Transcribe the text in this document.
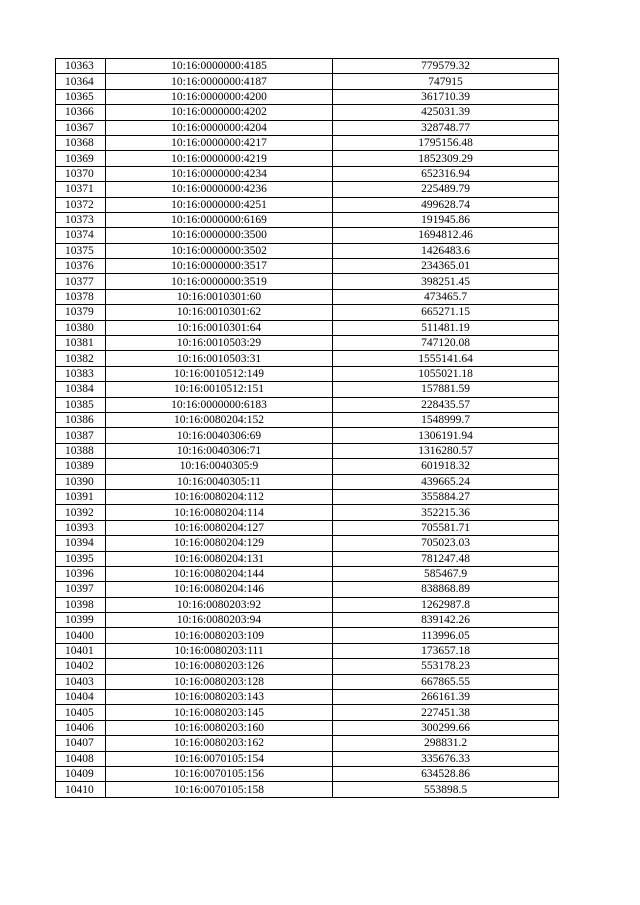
10363	10:16:0000000:4185	779579.32
10364	10:16:0000000:4187	747915
10365	10:16:0000000:4200	361710.39
10366	10:16:0000000:4202	425031.39
10367	10:16:0000000:4204	328748.77
10368	10:16:0000000:4217	1795156.48
10369	10:16:0000000:4219	1852309.29
10370	10:16:0000000:4234	652316.94
10371	10:16:0000000:4236	225489.79
10372	10:16:0000000:4251	499628.74
10373	10:16:0000000:6169	191945.86
10374	10:16:0000000:3500	1694812.46
10375	10:16:0000000:3502	1426483.6
10376	10:16:0000000:3517	234365.01
10377	10:16:0000000:3519	398251.45
10378	10:16:0010301:60	473465.7
10379	10:16:0010301:62	665271.15
10380	10:16:0010301:64	511481.19
10381	10:16:0010503:29	747120.08
10382	10:16:0010503:31	1555141.64
10383	10:16:0010512:149	1055021.18
10384	10:16:0010512:151	157881.59
10385	10:16:0000000:6183	228435.57
10386	10:16:0080204:152	1548999.7
10387	10:16:0040306:69	1306191.94
10388	10:16:0040306:71	1316280.57
10389	10:16:0040305:9	601918.32
10390	10:16:0040305:11	439665.24
10391	10:16:0080204:112	355884.27
10392	10:16:0080204:114	352215.36
10393	10:16:0080204:127	705581.71
10394	10:16:0080204:129	705023.03
10395	10:16:0080204:131	781247.48
10396	10:16:0080204:144	585467.9
10397	10:16:0080204:146	838868.89
10398	10:16:0080203:92	1262987.8
10399	10:16:0080203:94	839142.26
10400	10:16:0080203:109	113996.05
10401	10:16:0080203:111	173657.18
10402	10:16:0080203:126	553178.23
10403	10:16:0080203:128	667865.55
10404	10:16:0080203:143	266161.39
10405	10:16:0080203:145	227451.38
10406	10:16:0080203:160	300299.66
10407	10:16:0080203:162	298831.2
10408	10:16:0070105:154	335676.33
10409	10:16:0070105:156	634528.86
10410	10:16:0070105:158	553898.5
